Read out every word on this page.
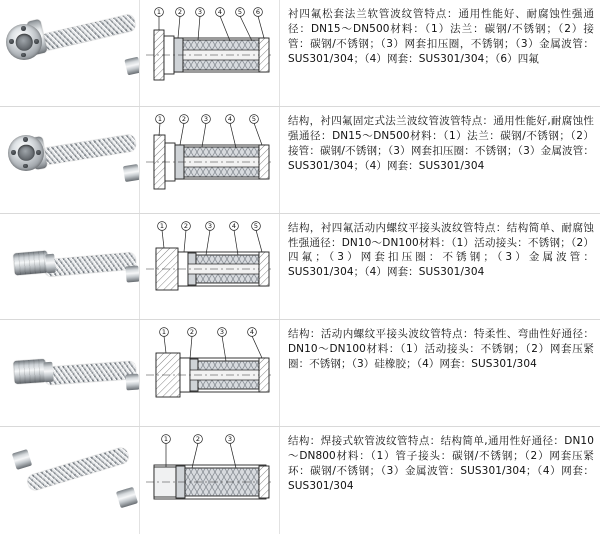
1	2 3 4 5 6	衬四氟松套法兰软管波纹管特点：通用性能好、耐腐蚀性强通径：DN15～DN500材料：（1）法兰：碳钢/不锈钢；（2）接管：碳钢/不锈钢；（3）网套扣压圈，不锈钢；（3）金属波管：SUS301/304；（4）网套：SUS301/304；（6）四氟
1	2	3	4	5	结构，衬四氟固定式法兰波纹管波管特点：通用性能好,耐腐蚀性强通径：DN15～DN500材料：（1）法兰：碳钢/不锈钢；（2）接管：碳钢/不锈钢；（3）网套扣压圈：不锈钢；（3）金属波管：SUS301/304；（4）网套：SUS301/304
1	2	3	4	5	结构，衬四氟活动内螺纹平接头波纹管特点：结构简单、耐腐蚀性强通径：DN10～DN100材料：（1）活动接头：不锈钢；（2）四氟；（3）网套扣压圈：不锈钢；（3）金属波管：SUS301/304；（4）网套：SUS301/304
1	2	3	4	结构：活动内螺纹平接头波纹管特点：特柔性、弯曲性好通径：DN10～DN100材料：（1）活动接头：不锈钢；（2）网套压紧圈：不锈钢；（3）硅橡胶；（4）网套：SUS301/304
1	2	3	结构：焊接式软管波纹管特点：结构简单,通用性好通径：DN10～DN800材料：（1）管子接头：碳钢/不锈钢；（2）网套压紧环：碳钢/不锈钢；（3）金属波管：SUS301/304；（4）网套：SUS301/304
